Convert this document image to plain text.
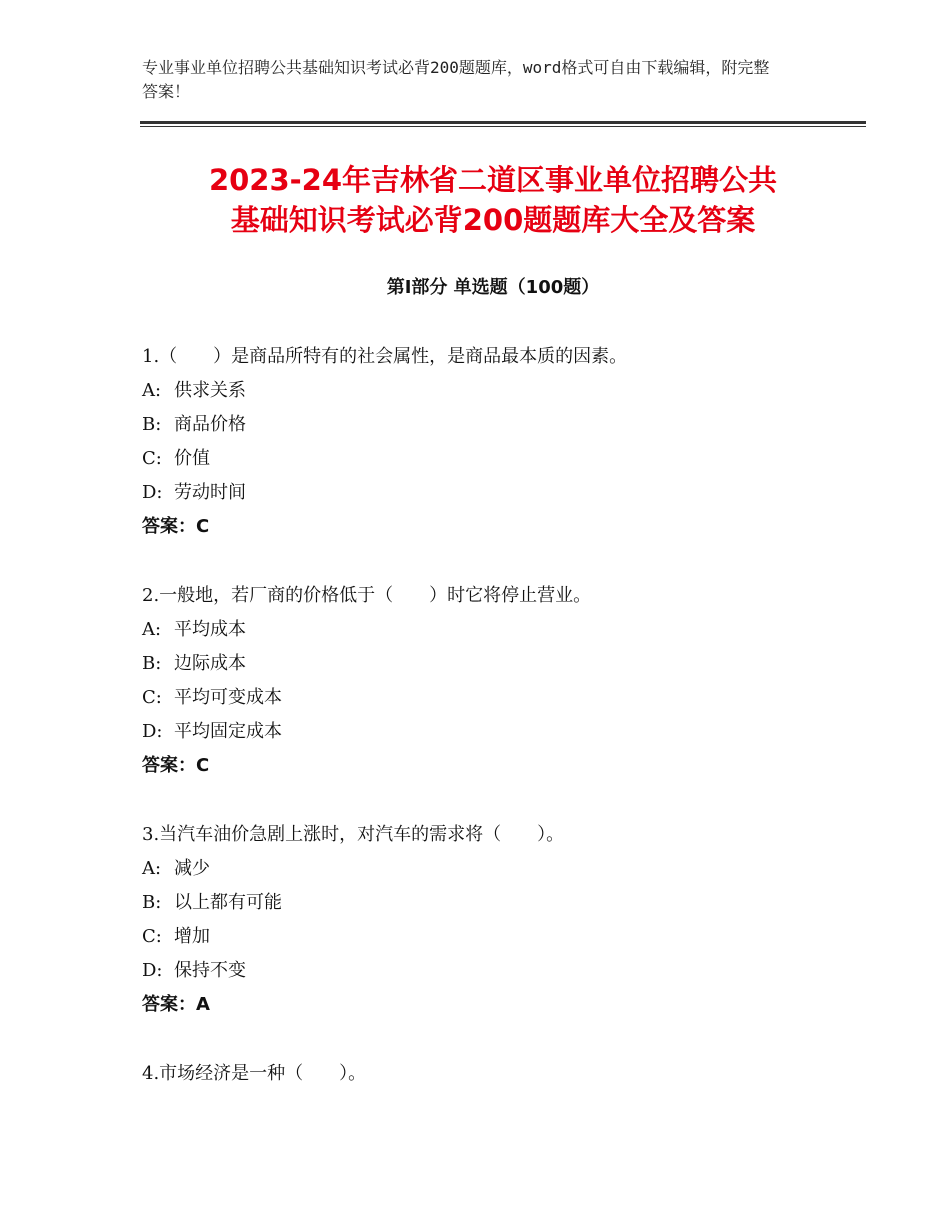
专业事业单位招聘公共基础知识考试必背200题题库，word格式可自由下载编辑，附完整答案！
2023-24年吉林省二道区事业单位招聘公共
基础知识考试必背200题题库大全及答案
第Ⅰ部分 单选题（100题）
1.（　　）是商品所特有的社会属性，是商品最本质的因素。
A: 供求关系
B: 商品价格
C: 价值
D: 劳动时间
答案：C
2.一般地，若厂商的价格低于（　　）时它将停止营业。
A: 平均成本
B: 边际成本
C: 平均可变成本
D: 平均固定成本
答案：C
3.当汽车油价急剧上涨时，对汽车的需求将（　　）。
A: 减少
B: 以上都有可能
C: 增加
D: 保持不变
答案：A
4.市场经济是一种（　　）。
